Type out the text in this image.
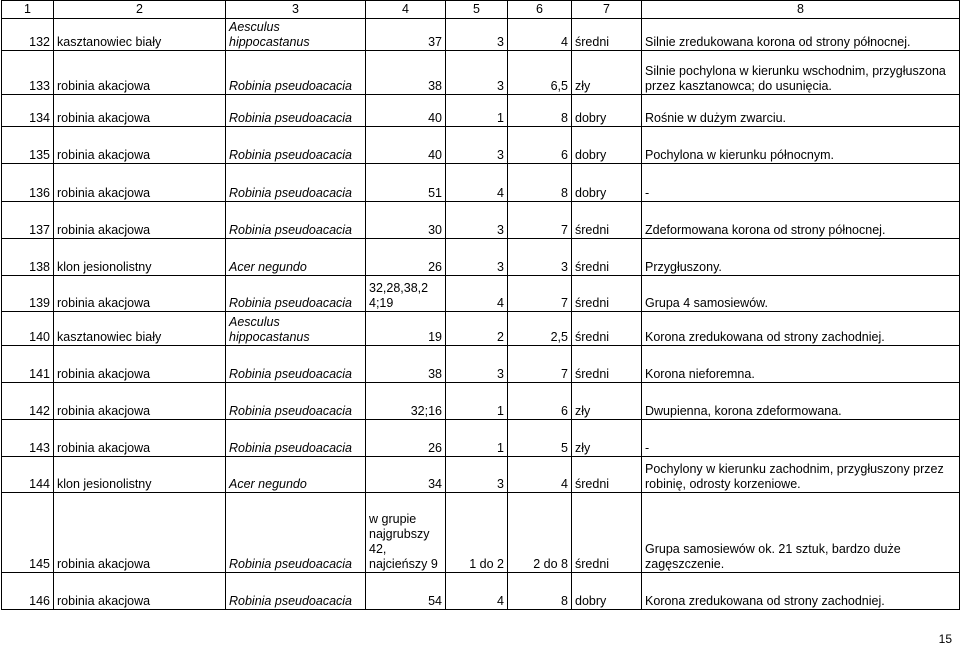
1	2	3	4	5	6	7	8
132	kasztanowiec biały	Aesculus
hippocastanus	37	3	4	średni	Silnie zredukowana korona od strony północnej.

133	robinia akacjowa	Robinia pseudoacacia	38	3	6,5	zły	Silnie pochylona w kierunku wschodnim, przygłuszona
przez kasztanowca; do usunięcia.

134	robinia akacjowa	Robinia pseudoacacia	40	1	8	dobry	Rośnie w dużym zwarciu.

135	robinia akacjowa	Robinia pseudoacacia	40	3	6	dobry	Pochylona w kierunku północnym.

136	robinia akacjowa	Robinia pseudoacacia	51	4	8	dobry	-

137	robinia akacjowa	Robinia pseudoacacia	30	3	7	średni	Zdeformowana korona od strony północnej.

138	klon jesionolistny	Acer negundo	26	3	3	średni	Przygłuszony.

139	robinia akacjowa	Robinia pseudoacacia	32,28,38,2 4;19	4	7	średni	Grupa 4 samosiewów.

140	kasztanowiec biały	Aesculus
hippocastanus	19	2	2,5	średni	Korona zredukowana od strony zachodniej.

141	robinia akacjowa	Robinia pseudoacacia	38	3	7	średni	Korona nieforemna.

142	robinia akacjowa	Robinia pseudoacacia	32;16	1	6	zły	Dwupienna, korona zdeformowana.

143	robinia akacjowa	Robinia pseudoacacia	26	1	5	zły	-

144	klon jesionolistny	Acer negundo	34	3	4	średni	Pochylony w kierunku zachodnim, przygłuszony przez
robinię, odrosty korzeniowe.

145	robinia akacjowa	Robinia pseudoacacia	w grupie najgrubszy 42, najcieńszy 9	1 do 2	2 do 8	średni	Grupa samosiewów ok. 21 sztuk, bardzo duże
zagęszczenie.

146	robinia akacjowa	Robinia pseudoacacia	54	4	8	dobry	Korona zredukowana od strony zachodniej.
15
